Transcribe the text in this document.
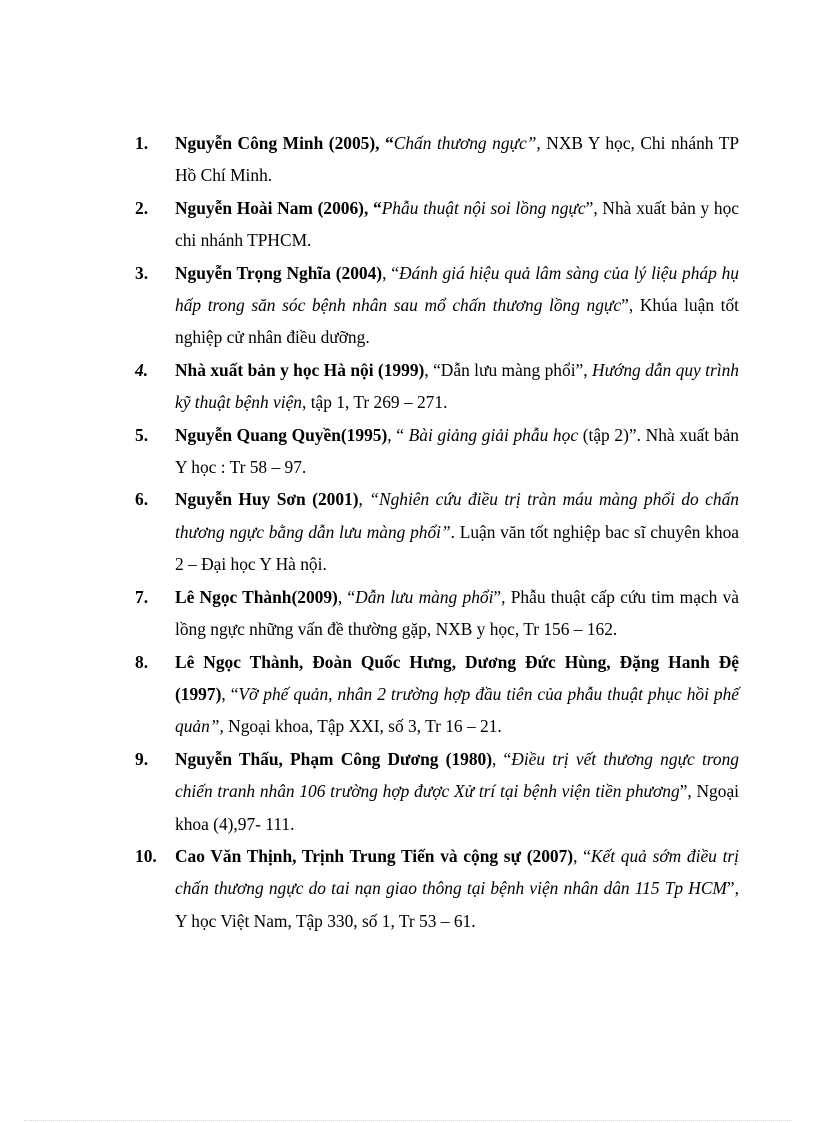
1. Nguyễn Công Minh (2005), “Chấn thương ngực”, NXB Y học, Chi nhánh TP Hồ Chí Minh.
2. Nguyễn Hoài Nam (2006), “Phẫu thuật nội soi lồng ngực”, Nhà xuất bản y học chi nhánh TPHCM.
3. Nguyễn Trọng Nghĩa (2004), “Đánh giá hiệu quả lâm sàng của lý liệu pháp hụ hấp trong săn sóc bệnh nhân sau mổ chấn thương lồng ngực”, Khúa luận tốt nghiệp cử nhân điều dưỡng.
4. Nhà xuất bản y học Hà nội (1999), “Dẫn lưu màng phổi”, Hướng dẫn quy trình kỹ thuật bệnh viện, tập 1, Tr 269 – 271.
5. Nguyễn Quang Quyền(1995), “ Bài giảng giải phẫu học (tập 2)”. Nhà xuất bản Y học : Tr 58 – 97.
6. Nguyễn Huy Sơn (2001), “Nghiên cứu điều trị tràn máu màng phổi do chấn thương ngực bằng dẫn lưu màng phổi”. Luận văn tốt nghiệp bac sĩ chuyên khoa 2 – Đại học Y Hà nội.
7. Lê Ngọc Thành(2009), “Dẫn lưu màng phổi”, Phẫu thuật cấp cứu tim mạch và lồng ngực những vấn đề thường gặp, NXB y học, Tr 156 – 162.
8. Lê Ngọc Thành, Đoàn Quốc Hưng, Dương Đức Hùng, Đặng Hanh Đệ (1997), “Vỡ phế quản, nhân 2 trường hợp đầu tiên của phẫu thuật phục hồi phế quản”, Ngoại khoa, Tập XXI, số 3, Tr 16 – 21.
9. Nguyễn Thấu, Phạm Công Dương (1980), “Điều trị vết thương ngực trong chiến tranh nhân 106 trường hợp được Xử trí tại bệnh viện tiền phương”, Ngoại khoa (4),97- 111.
10. Cao Văn Thịnh, Trịnh Trung Tiến và cộng sự (2007), “Kết quả sớm điều trị chấn thương ngực do tai nạn giao thông tại bệnh viện nhân dân 115 Tp HCM”, Y học Việt Nam, Tập 330, số 1, Tr 53 – 61.
